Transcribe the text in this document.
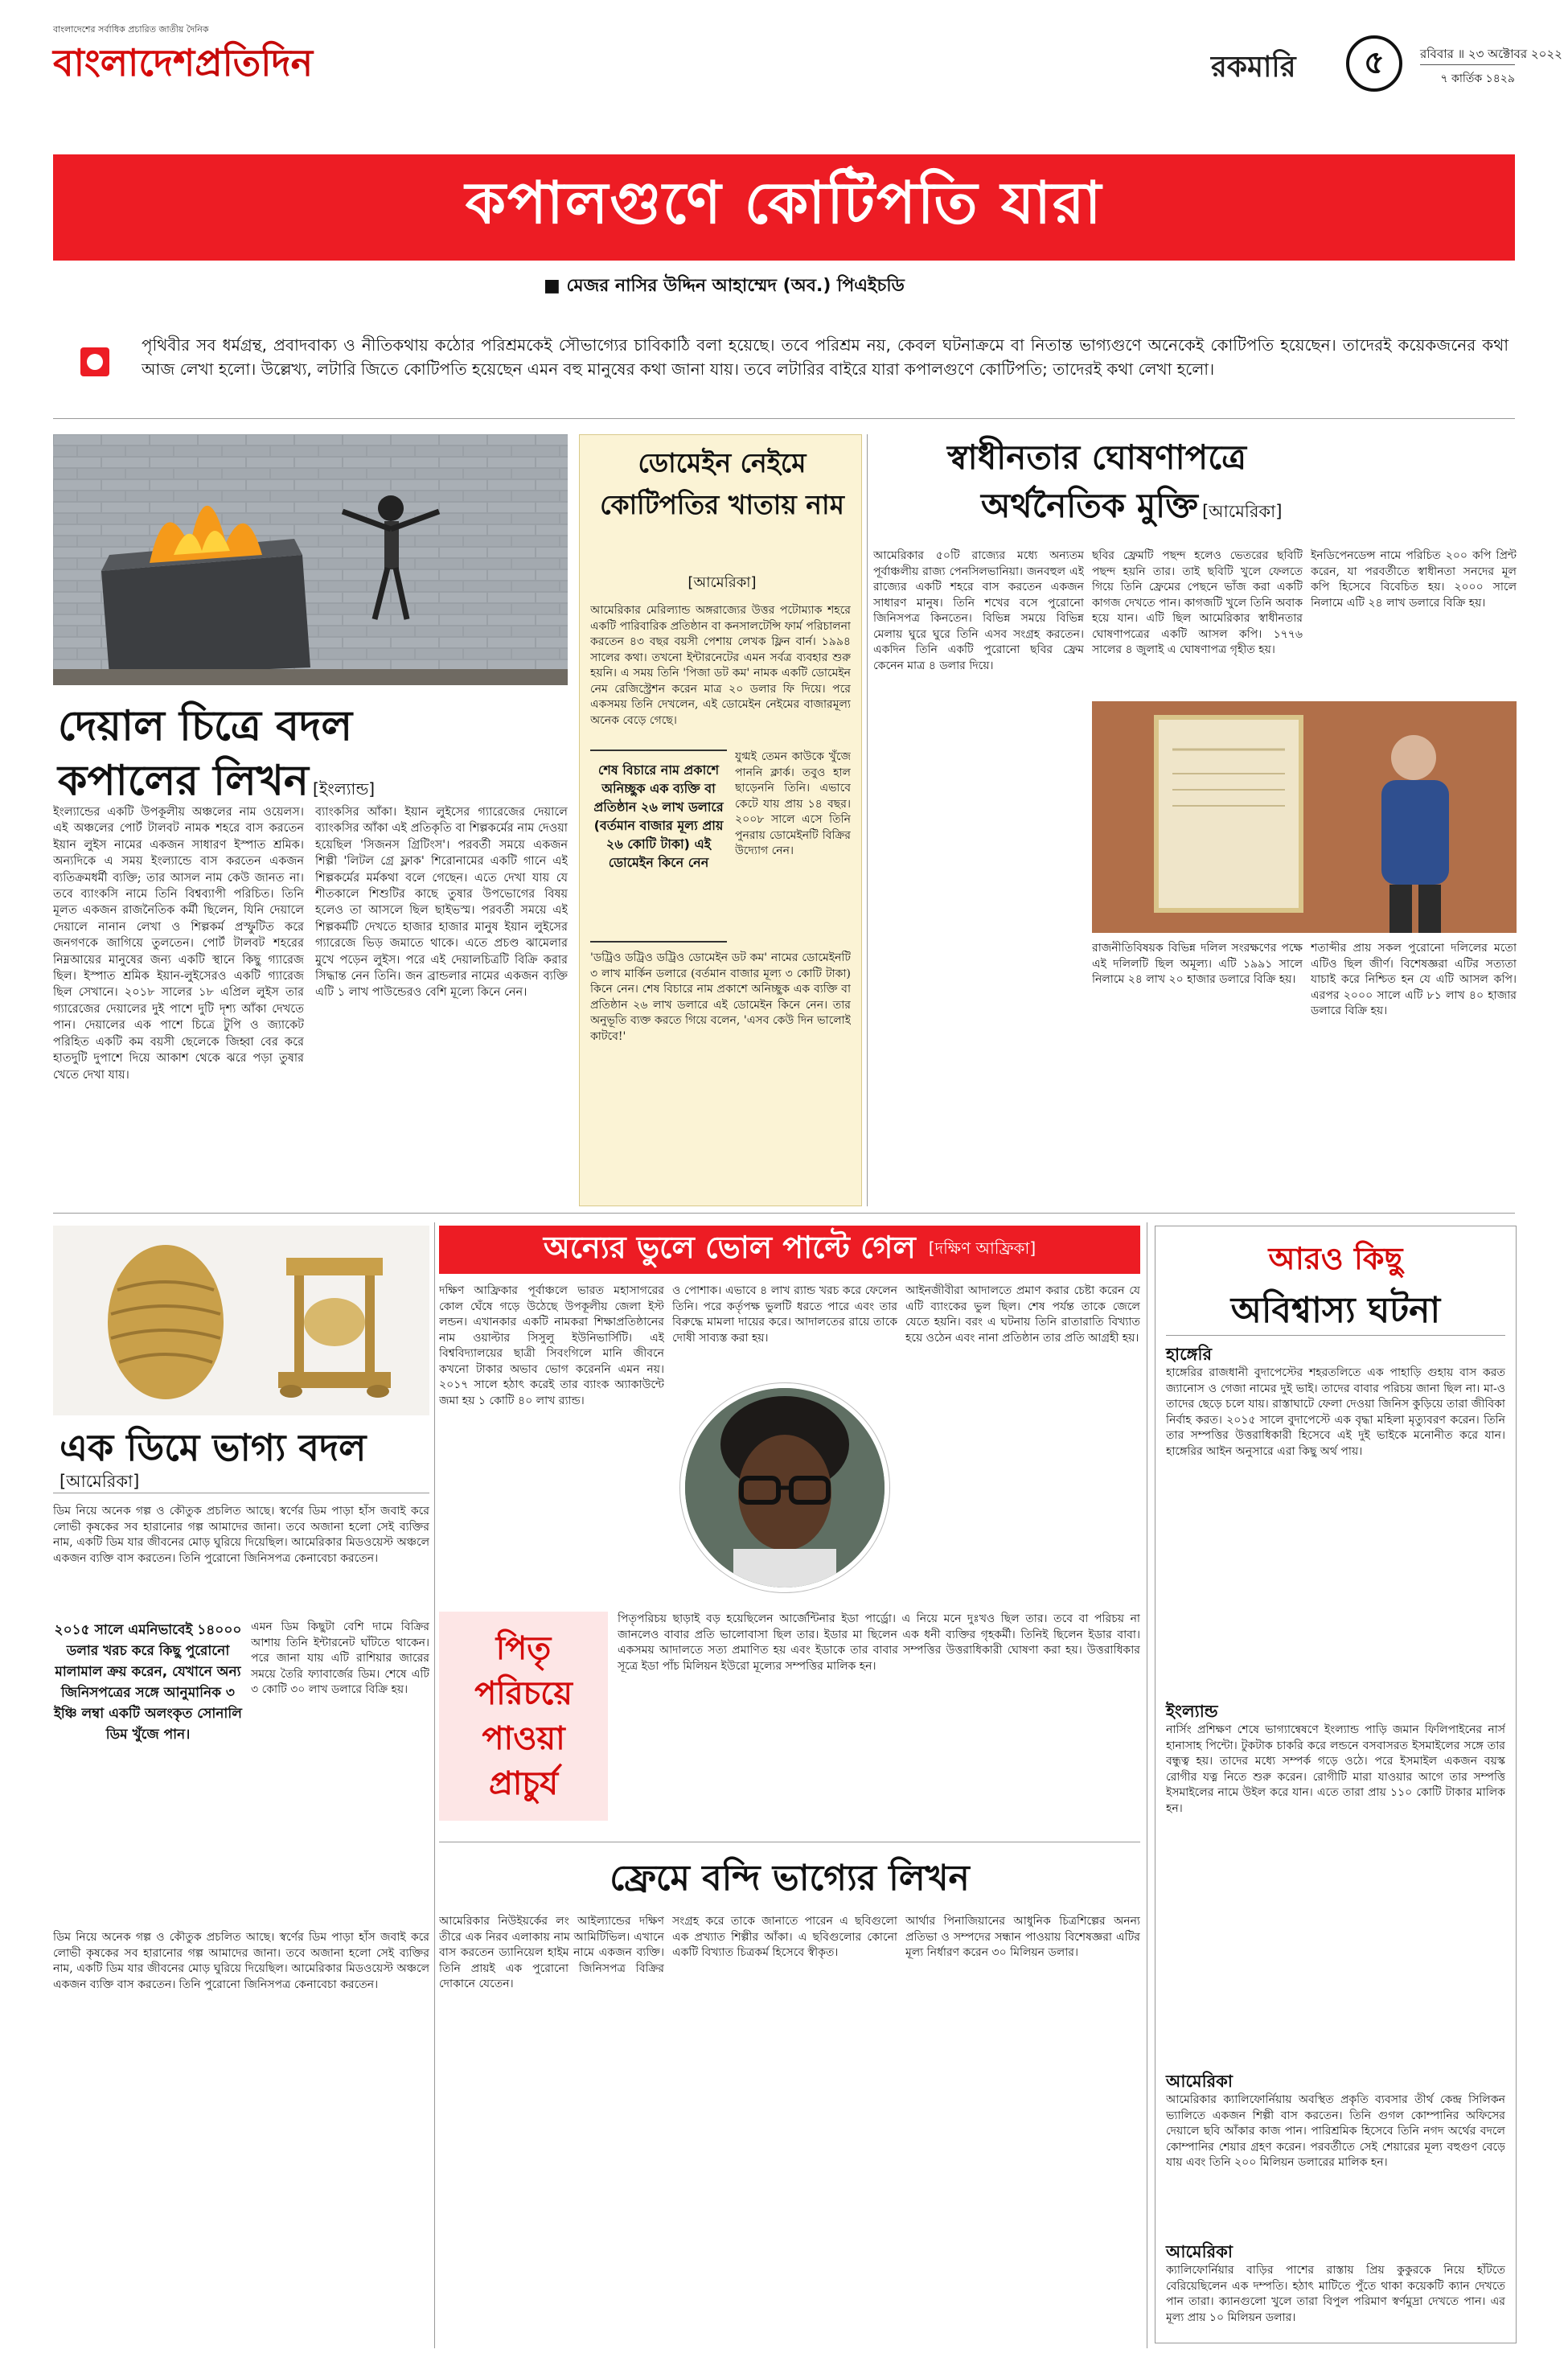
বাংলাদেশের সর্বাধিক প্রচারিত জাতীয় দৈনিক
বাংলাদেশপ্রতিদিন	রকমারি ৫	রবিবার ॥ ২৩ অক্টোবর ২০২২
৭ কার্তিক ১৪২৯
কপালগুণে কোটিপতি যারা
■ মেজর নাসির উদ্দিন আহাম্মেদ (অব.) পিএইচডি

পৃথিবীর সব ধর্মগ্রন্থ, প্রবাদবাক্য ও নীতিকথায় কঠোর পরিশ্রমকেই সৌভাগ্যের চাবিকাঠি বলা হয়েছে। তবে পরিশ্রম নয়, কেবল ঘটনাক্রমে বা নিতান্ত ভাগ্যগুণে অনেকেই কোটিপতি হয়েছেন। তাদেরই কয়েকজনের কথা আজ লেখা হলো। উল্লেখ্য, লটারি জিতে কোটিপতি হয়েছেন এমন বহু মানুষের কথা জানা যায়। তবে লটারির বাইরে যারা কপালগুণে কোটিপতি; তাদেরই কথা লেখা হলো।

দেয়াল চিত্রে বদল
কপালের লিখন [ইংল্যান্ড]

ইংল্যান্ডের একটি উপকূলীয় অঞ্চলের নাম ওয়েলস। এই অঞ্চলের পোর্ট টালবট নামক শহরে বাস করতেন ইয়ান লুইস নামের একজন সাধারণ ইস্পাত শ্রমিক। অন্যদিকে এ সময় ইংল্যান্ডে বাস করতেন একজন ব্যতিক্রমধর্মী ব্যক্তি; তার আসল নাম কেউ জানত না। তবে ব্যাংকসি নামে তিনি বিশ্বব্যাপী পরিচিত। তিনি মূলত একজন রাজনৈতিক কর্মী ছিলেন, যিনি দেয়ালে দেয়ালে নানান লেখা ও শিল্পকর্ম প্রস্ফুটিত করে জনগণকে জাগিয়ে তুলতেন। পোর্ট টালবট শহরের নিম্নআয়ের মানুষের জন্য একটি স্থানে কিছু গ্যারেজ ছিল। ইস্পাত শ্রমিক ইয়ান-লুইসেরও একটি গ্যারেজ ছিল সেখানে। ২০১৮ সালের ১৮ এপ্রিল লুইস তার গ্যারেজের দেয়ালের দুই পাশে দুটি দৃশ্য আঁকা দেখতে পান। দেয়ালের এক পাশে চিত্রে টুপি ও জ্যাকেট পরিহিত একটি কম বয়সী ছেলেকে জিহ্বা বের করে হাতদুটি দুপাশে দিয়ে আকাশ থেকে ঝরে পড়া তুষার খেতে দেখা যায়।

ব্যাংকসির আঁকা। ইয়ান লুইসের গ্যারেজের দেয়ালে ব্যাংকসির আঁকা এই প্রতিকৃতি বা শিল্পকর্মের নাম দেওয়া হয়েছিল 'সিজনস গ্রিটিংস'। পরবর্তী সময়ে একজন শিল্পী 'লিটল গ্রে ফ্লাক' শিরোনামের একটি গানে এই শিল্পকর্মের মর্মকথা বলে গেছেন। এতে দেখা যায় যে শীতকালে শিশুটির কাছে তুষার উপভোগের বিষয় হলেও তা আসলে ছিল ছাইভস্ম। পরবর্তী সময়ে এই শিল্পকর্মটি দেখতে হাজার হাজার মানুষ ইয়ান লুইসের গ্যারেজে ভিড় জমাতে থাকে। এতে প্রচণ্ড ঝামেলার মুখে পড়েন লুইস। পরে এই দেয়ালচিত্রটি বিক্রি করার সিদ্ধান্ত নেন তিনি। জন ব্রান্ডলার নামের একজন ব্যক্তি এটি ১ লাখ পাউন্ডেরও বেশি মূল্যে কিনে নেন।

ডোমেইন নেইমে কোটিপতির খাতায় নাম
[আমেরিকা]

আমেরিকার মেরিল্যান্ড অঙ্গরাজ্যের উত্তর পটোম্যাক শহরে একটি পারিবারিক প্রতিষ্ঠান বা কনসালটেন্সি ফার্ম পরিচালনা করতেন ৪৩ বছর বয়সী পেশায় লেখক ফ্লিন বার্ন। ১৯৯৪ সালের কথা। তখনো ইন্টারনেটের এমন সর্বত্র ব্যবহার শুরু হয়নি। এ সময় তিনি 'পিজা ডট কম' নামক একটি ডোমেইন নেম রেজিস্ট্রেশন করেন মাত্র ২০ ডলার ফি দিয়ে। পরে একসময় তিনি দেখলেন, এই ডোমেইন নেইমের বাজারমূল্য অনেক বেড়ে গেছে।

শেষ বিচারে নাম প্রকাশে অনিচ্ছুক এক ব্যক্তি বা প্রতিষ্ঠান ২৬ লাখ ডলারে (বর্তমান বাজার মূল্য প্রায় ২৬ কোটি টাকা) এই ডোমেইন কিনে নেন

যুগ্মই তেমন কাউকে খুঁজে পাননি ক্লার্ক। তবুও হাল ছাড়েননি তিনি। এভাবে কেটে যায় প্রায় ১৪ বছর। ২০০৮ সালে এসে তিনি পুনরায় ডোমেইনটি বিক্রির উদ্যোগ নেন।

'ডট্রিও ডট্রিও ডট্রিও ডোমেইন ডট কম' নামের ডোমেইনটি ৩ লাখ মার্কিন ডলারে (বর্তমান বাজার মূল্য ৩ কোটি টাকা) কিনে নেন। শেষ বিচারে নাম প্রকাশে অনিচ্ছুক এক ব্যক্তি বা প্রতিষ্ঠান ২৬ লাখ ডলারে এই ডোমেইন কিনে নেন। তার অনুভূতি ব্যক্ত করতে গিয়ে বলেন, 'এসব কেউ দিন ভালোই কাটবে!'

স্বাধীনতার ঘোষণাপত্রে
অর্থনৈতিক মুক্তি [আমেরিকা]

আমেরিকার ৫০টি রাজ্যের মধ্যে অন্যতম পূর্বাঞ্চলীয় রাজ্য পেনসিলভানিয়া। জনবহুল এই রাজ্যের একটি শহরে বাস করতেন একজন সাধারণ মানুষ। তিনি শখের বসে পুরোনো জিনিসপত্র কিনতেন। বিভিন্ন সময়ে বিভিন্ন মেলায় ঘুরে ঘুরে তিনি এসব সংগ্রহ করতেন। একদিন তিনি একটি পুরোনো ছবির ফ্রেম কেনেন মাত্র ৪ ডলার দিয়ে।

ছবির ফ্রেমটি পছন্দ হলেও ভেতরের ছবিটি পছন্দ হয়নি তার। তাই ছবিটি খুলে ফেলতে গিয়ে তিনি ফ্রেমের পেছনে ভাঁজ করা একটি কাগজ দেখতে পান। কাগজটি খুলে তিনি অবাক হয়ে যান। এটি ছিল আমেরিকার স্বাধীনতার ঘোষণাপত্রের একটি আসল কপি। ১৭৭৬ সালের ৪ জুলাই এ ঘোষণাপত্র গৃহীত হয়।

ইনডিপেনডেন্স নামে পরিচিত ২০০ কপি প্রিন্ট করেন, যা পরবর্তীতে স্বাধীনতা সনদের মূল কপি হিসেবে বিবেচিত হয়। ২০০০ সালে নিলামে এটি ২৪ লাখ ডলারে বিক্রি হয়।

রাজনীতিবিষয়ক বিভিন্ন দলিল সংরক্ষণের পক্ষে এই দলিলটি ছিল অমূল্য। এটি ১৯৯১ সালে নিলামে ২৪ লাখ ২০ হাজার ডলারে বিক্রি হয়।

শতাব্দীর প্রায় সকল পুরোনো দলিলের মতো এটিও ছিল জীর্ণ। বিশেষজ্ঞরা এটির সত্যতা যাচাই করে নিশ্চিত হন যে এটি আসল কপি। এরপর ২০০০ সালে এটি ৮১ লাখ ৪০ হাজার ডলারে বিক্রি হয়।

অন্যের ভুলে ভোল পাল্টে গেল [দক্ষিণ আফ্রিকা]

দক্ষিণ আফ্রিকার পূর্বাঞ্চলে ভারত মহাসাগরের কোল ঘেঁষে গড়ে উঠেছে উপকূলীয় জেলা ইস্ট লন্ডন। এখানকার একটি নামকরা শিক্ষাপ্রতিষ্ঠানের নাম ওয়াল্টার সিসুলু ইউনিভার্সিটি। এই বিশ্ববিদ্যালয়ের ছাত্রী সিবংগিলে মানি জীবনে কখনো টাকার অভাব ভোগ করেননি এমন নয়। ২০১৭ সালে হঠাৎ করেই তার ব্যাংক অ্যাকাউন্টে জমা হয় ১ কোটি ৪০ লাখ র‍্যান্ড।

ও পোশাক। এভাবে ৪ লাখ র‍্যান্ড খরচ করে ফেলেন তিনি। পরে কর্তৃপক্ষ ভুলটি ধরতে পারে এবং তার বিরুদ্ধে মামলা দায়ের করে। আদালতের রায়ে তাকে দোষী সাব্যস্ত করা হয়।

আইনজীবীরা আদালতে প্রমাণ করার চেষ্টা করেন যে এটি ব্যাংকের ভুল ছিল। শেষ পর্যন্ত তাকে জেলে যেতে হয়নি। বরং এ ঘটনায় তিনি রাতারাতি বিখ্যাত হয়ে ওঠেন এবং নানা প্রতিষ্ঠান তার প্রতি আগ্রহী হয়।

এক ডিমে ভাগ্য বদল
[আমেরিকা]

ডিম নিয়ে অনেক গল্প ও কৌতুক প্রচলিত আছে। স্বর্ণের ডিম পাড়া হাঁস জবাই করে লোভী কৃষকের সব হারানোর গল্প আমাদের জানা। তবে অজানা হলো সেই ব্যক্তির নাম, একটি ডিম যার জীবনের মোড় ঘুরিয়ে দিয়েছিল। আমেরিকার মিডওয়েস্ট অঞ্চলে একজন ব্যক্তি বাস করতেন। তিনি পুরোনো জিনিসপত্র কেনাবেচা করতেন।

২০১৫ সালে এমনিভাবেই ১৪০০০ ডলার খরচ করে কিছু পুরোনো মালামাল ক্রয় করেন, যেখানে অন্য জিনিসপত্রের সঙ্গে আনুমানিক ৩ ইঞ্চি লম্বা একটি অলংকৃত সোনালি ডিম খুঁজে পান।

এমন ডিম কিছুটা বেশি দামে বিক্রির আশায় তিনি ইন্টারনেট ঘাঁটতে থাকেন। পরে জানা যায় এটি রাশিয়ার জারের সময়ে তৈরি ফ্যাবার্জের ডিম। শেষে এটি ৩ কোটি ৩০ লাখ ডলারে বিক্রি হয়।

ডিম নিয়ে অনেক গল্প ও কৌতুক প্রচলিত আছে। স্বর্ণের ডিম পাড়া হাঁস জবাই করে লোভী কৃষকের সব হারানোর গল্প আমাদের জানা। তবে অজানা হলো সেই ব্যক্তির নাম, একটি ডিম যার জীবনের মোড় ঘুরিয়ে দিয়েছিল। আমেরিকার মিডওয়েস্ট অঞ্চলে একজন ব্যক্তি বাস করতেন। তিনি পুরোনো জিনিসপত্র কেনাবেচা করতেন।

পিতৃ
পরিচয়ে
পাওয়া
প্রাচুর্য

পিতৃপরিচয় ছাড়াই বড় হয়েছিলেন আর্জেন্টিনার ইডা পার্ড্রো। এ নিয়ে মনে দুঃখও ছিল তার। তবে বা পরিচয় না জানলেও বাবার প্রতি ভালোবাসা ছিল তার। ইডার মা ছিলেন এক ধনী ব্যক্তির গৃহকর্মী। তিনিই ছিলেন ইডার বাবা। একসময় আদালতে সত্য প্রমাণিত হয় এবং ইডাকে তার বাবার সম্পত্তির উত্তরাধিকারী ঘোষণা করা হয়। উত্তরাধিকার সূত্রে ইডা পাঁচ মিলিয়ন ইউরো মূল্যের সম্পত্তির মালিক হন।

ফ্রেমে বন্দি ভাগ্যের লিখন

আমেরিকার নিউইয়র্কের লং আইল্যান্ডের দক্ষিণ তীরে এক নিরব এলাকায় নাম আমিটিভিল। এখানে বাস করতেন ড্যানিয়েল হাইম নামে একজন ব্যক্তি। তিনি প্রায়ই এক পুরোনো জিনিসপত্র বিক্রির দোকানে যেতেন।

সংগ্রহ করে তাকে জানাতে পারেন এ ছবিগুলো এক প্রখ্যাত শিল্পীর আঁকা। এ ছবিগুলোর কোনো একটি বিখ্যাত চিত্রকর্ম হিসেবে স্বীকৃত।

আর্থার পিনাজিয়ানের আধুনিক চিত্রশিল্পের অনন্য প্রতিভা ও সম্পদের সন্ধান পাওয়ায় বিশেষজ্ঞরা এটির মূল্য নির্ধারণ করেন ৩০ মিলিয়ন ডলার।

আরও কিছু
অবিশ্বাস্য ঘটনা
হাঙ্গেরি

হাঙ্গেরির রাজধানী বুদাপেস্টের শহরতলিতে এক পাহাড়ি গুহায় বাস করত জ্যানোস ও গেজা নামের দুই ভাই। তাদের বাবার পরিচয় জানা ছিল না। মা-ও তাদের ছেড়ে চলে যায়। রাস্তাঘাটে ফেলা দেওয়া জিনিস কুড়িয়ে তারা জীবিকা নির্বাহ করত। ২০১৫ সালে বুদাপেস্টে এক বৃদ্ধা মহিলা মৃত্যুবরণ করেন। তিনি তার সম্পত্তির উত্তরাধিকারী হিসেবে এই দুই ভাইকে মনোনীত করে যান। হাঙ্গেরির আইন অনুসারে এরা কিছু অর্থ পায়।

ইংল্যান্ড

নার্সিং প্রশিক্ষণ শেষে ভাগ্যান্বেষণে ইংল্যান্ড পাড়ি জমান ফিলিপাইনের নার্স হানাসাহ পিন্টো। টুকটাক চাকরি করে লন্ডনে বসবাসরত ইসমাইলের সঙ্গে তার বন্ধুত্ব হয়। তাদের মধ্যে সম্পর্ক গড়ে ওঠে। পরে ইসমাইল একজন বয়স্ক রোগীর যত্ন নিতে শুরু করেন। রোগীটি মারা যাওয়ার আগে তার সম্পত্তি ইসমাইলের নামে উইল করে যান। এতে তারা প্রায় ১১০ কোটি টাকার মালিক হন।

আমেরিকা

আমেরিকার ক্যালিফোর্নিয়ায় অবস্থিত প্রকৃতি ব্যবসার তীর্থ কেন্দ্র সিলিকন ভ্যালিতে একজন শিল্পী বাস করতেন। তিনি গুগল কোম্পানির অফিসের দেয়ালে ছবি আঁকার কাজ পান। পারিশ্রমিক হিসেবে তিনি নগদ অর্থের বদলে কোম্পানির শেয়ার গ্রহণ করেন। পরবর্তীতে সেই শেয়ারের মূল্য বহুগুণ বেড়ে যায় এবং তিনি ২০০ মিলিয়ন ডলারের মালিক হন।

আমেরিকা

ক্যালিফোর্নিয়ার বাড়ির পাশের রাস্তায় প্রিয় কুকুরকে নিয়ে হাঁটতে বেরিয়েছিলেন এক দম্পতি। হঠাৎ মাটিতে পুঁতে থাকা কয়েকটি ক্যান দেখতে পান তারা। ক্যানগুলো খুলে তারা বিপুল পরিমাণ স্বর্ণমুদ্রা দেখতে পান। এর মূল্য প্রায় ১০ মিলিয়ন ডলার।
